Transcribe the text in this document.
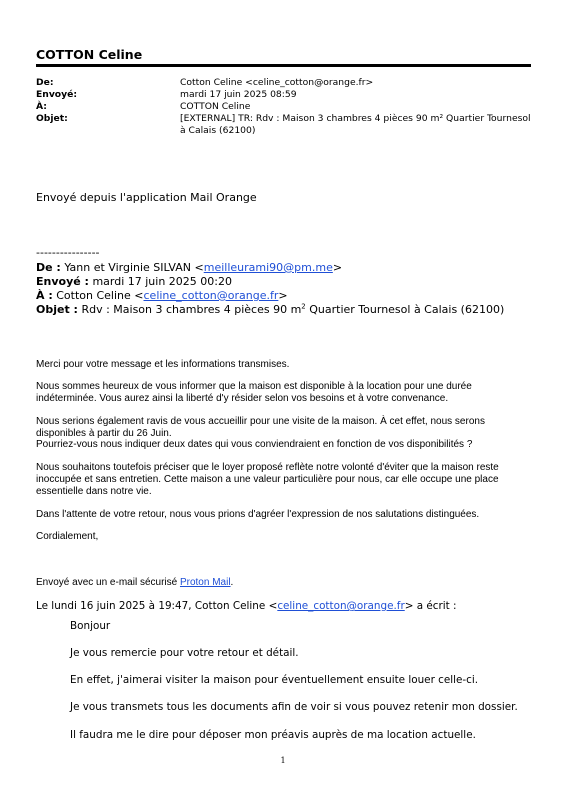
COTTON Celine
De:	Cotton Celine <celine_cotton@orange.fr>
Envoyé:	mardi 17 juin 2025 08:59
À:	COTTON Celine
Objet:	[EXTERNAL] TR: Rdv : Maison 3 chambres 4 pièces 90 m² Quartier Tournesol à Calais (62100)
Envoyé depuis l'application Mail Orange
----------------
De : Yann et Virginie SILVAN <meilleurami90@pm.me>
Envoyé : mardi 17 juin 2025 00:20
À : Cotton Celine <celine_cotton@orange.fr>
Objet : Rdv : Maison 3 chambres 4 pièces 90 $m^2$ Quartier Tournesol à Calais (62100)
Merci pour votre message et les informations transmises.
Nous sommes heureux de vous informer que la maison est disponible à la location pour une durée indéterminée. Vous aurez ainsi la liberté d'y résider selon vos besoins et à votre convenance.
Nous serions également ravis de vous accueillir pour une visite de la maison. À cet effet, nous serons disponibles à partir du 26 Juin.
Pourriez-vous nous indiquer deux dates qui vous conviendraient en fonction de vos disponibilités ?
Nous souhaitons toutefois préciser que le loyer proposé reflète notre volonté d'éviter que la maison reste inoccupée et sans entretien. Cette maison a une valeur particulière pour nous, car elle occupe une place essentielle dans notre vie.
Dans l'attente de votre retour, nous vous prions d'agréer l'expression de nos salutations distinguées.
Cordialement,
Envoyé avec un e-mail sécurisé Proton Mail.
Le lundi 16 juin 2025 à 19:47, Cotton Celine <celine_cotton@orange.fr> a écrit :
Bonjour
Je vous remercie pour votre retour et détail.
En effet, j'aimerai visiter la maison pour éventuellement ensuite louer celle-ci.
Je vous transmets tous les documents afin de voir si vous pouvez retenir mon dossier.
Il faudra me le dire pour déposer mon préavis auprès de ma location actuelle.
1
